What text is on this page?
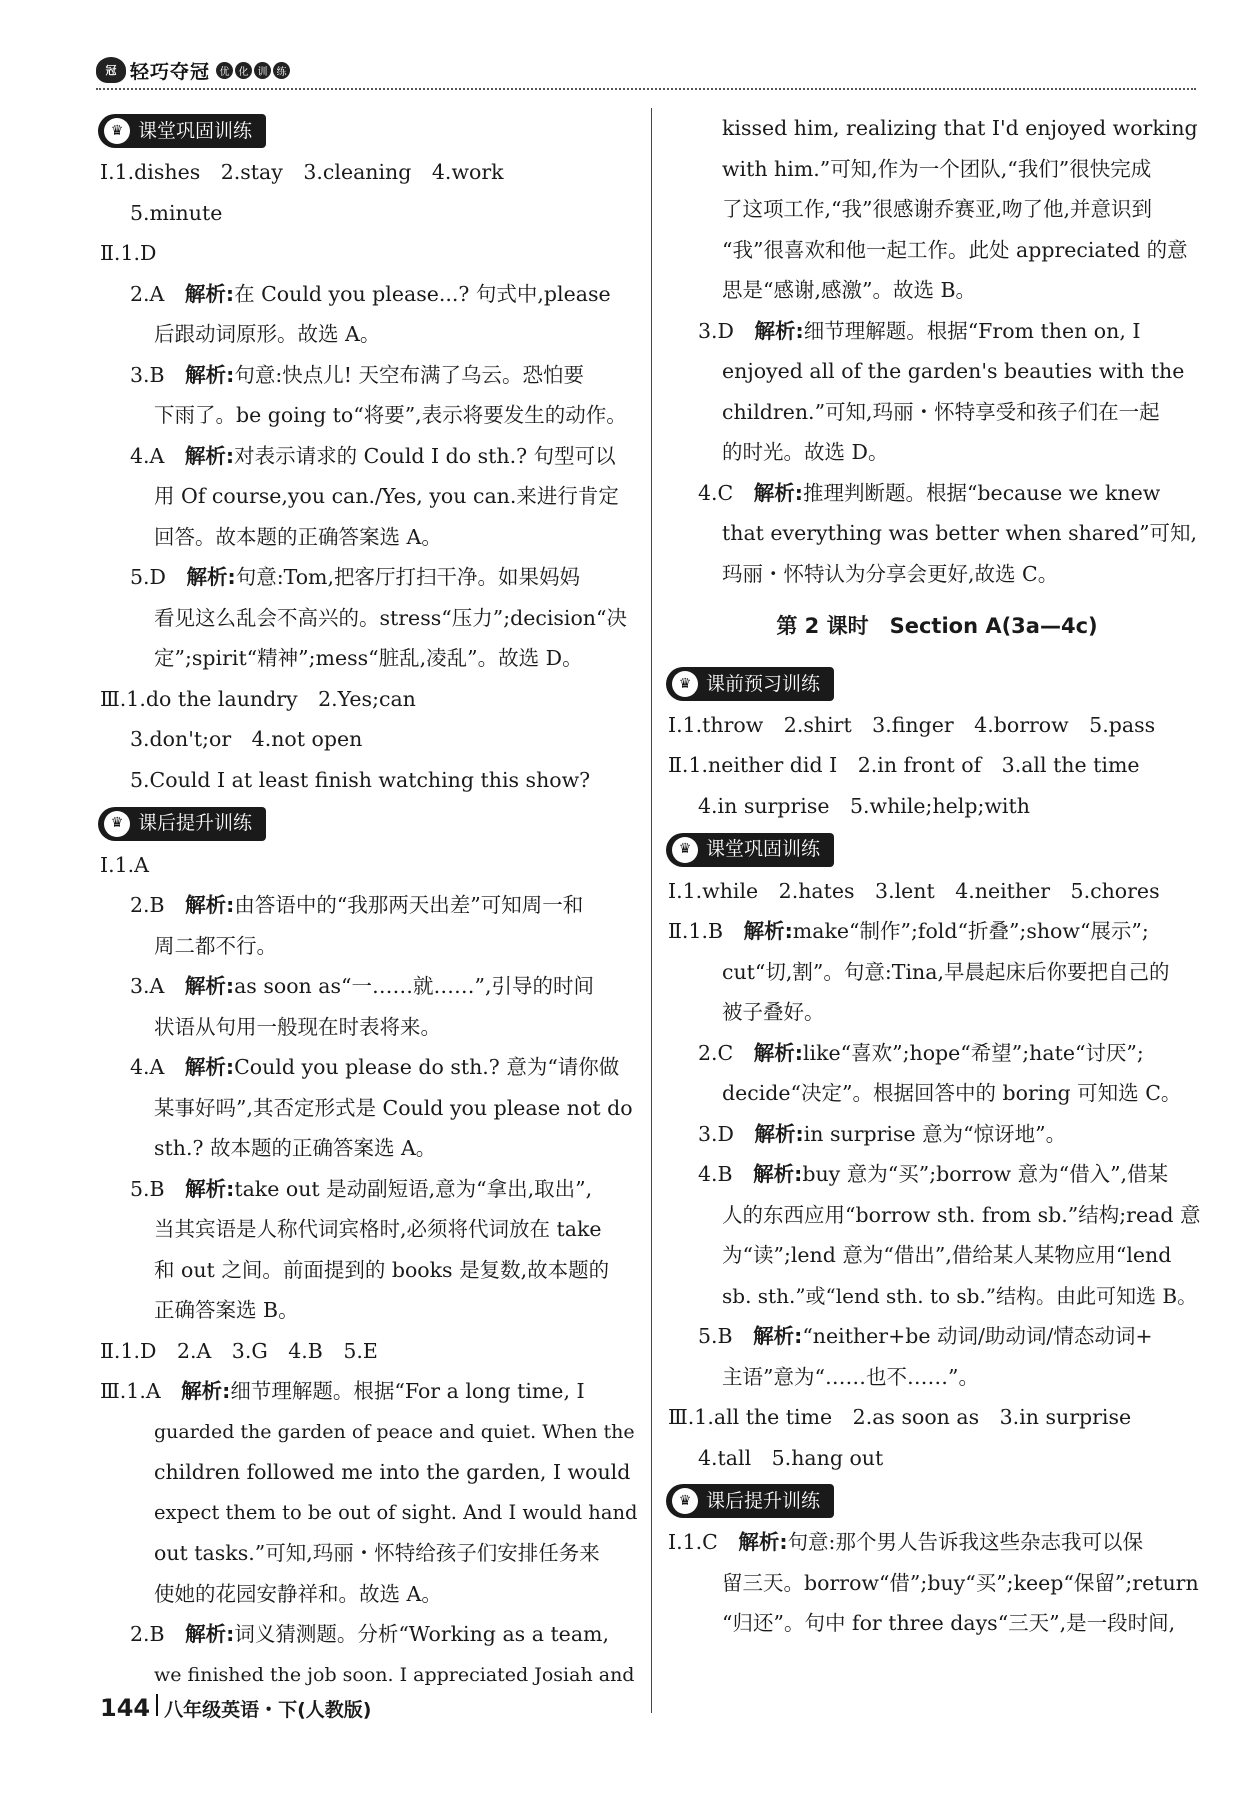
冠 轻巧夺冠 优 化 训 练
♛ 课堂巩固训练
Ⅰ.1.dishes　2.stay　3.cleaning　4.work
5.minute
Ⅱ.1.D
2.A　 解析:在 Could you please...? 句式中,please
后跟动词原形。故选 A。
3.B　 解析:句意:快点儿! 天空布满了乌云。恐怕要
下雨了。be going to“将要”,表示将要发生的动作。
4.A　 解析:对表示请求的 Could I do sth.? 句型可以
用 Of course,you can./Yes, you can.来进行肯定
回答。故本题的正确答案选 A。
5.D　 解析:句意:Tom,把客厅打扫干净。如果妈妈
看见这么乱会不高兴的。stress“压力”;decision“决
定”;spirit“精神”;mess“脏乱,凌乱”。故选 D。
Ⅲ.1.do the laundry　2.Yes;can
3.don't;or　4.not open
5.Could I at least finish watching this show?
♛ 课后提升训练
Ⅰ.1.A
2.B　 解析:由答语中的“我那两天出差”可知周一和
周二都不行。
3.A　 解析:as soon as“一……就……”,引导的时间
状语从句用一般现在时表将来。
4.A　 解析:Could you please do sth.? 意为“请你做
某事好吗”,其否定形式是 Could you please not do
sth.? 故本题的正确答案选 A。
5.B　 解析:take out 是动副短语,意为“拿出,取出”,
当其宾语是人称代词宾格时,必须将代词放在 take
和 out 之间。前面提到的 books 是复数,故本题的
正确答案选 B。
Ⅱ.1.D　2.A　3.G　4.B　5.E
Ⅲ.1.A　 解析:细节理解题。根据“For a long time, I
guarded the garden of peace and quiet. When the
children followed me into the garden, I would
expect them to be out of sight. And I would hand
out tasks.”可知,玛丽・怀特给孩子们安排任务来
使她的花园安静祥和。故选 A。
2.B　 解析:词义猜测题。分析“Working as a team,
we finished the job soon. I appreciated Josiah and
kissed him, realizing that I'd enjoyed working
with him.”可知,作为一个团队,“我们”很快完成
了这项工作,“我”很感谢乔赛亚,吻了他,并意识到
“我”很喜欢和他一起工作。此处 appreciated 的意
思是“感谢,感激”。故选 B。
3.D　 解析:细节理解题。根据“From then on, I
enjoyed all of the garden's beauties with the
children.”可知,玛丽・怀特享受和孩子们在一起
的时光。故选 D。
4.C　 解析:推理判断题。根据“because we knew
that everything was better when shared”可知,
玛丽・怀特认为分享会更好,故选 C。
第 2 课时　Section A(3a—4c)
♛ 课前预习训练
Ⅰ.1.throw　2.shirt　3.finger　4.borrow　5.pass
Ⅱ.1.neither did I　2.in front of　3.all the time
4.in surprise　5.while;help;with
♛ 课堂巩固训练
Ⅰ.1.while　2.hates　3.lent　4.neither　5.chores
Ⅱ.1.B　 解析:make“制作”;fold“折叠”;show“展示”;
cut“切,割”。句意:Tina,早晨起床后你要把自己的
被子叠好。
2.C　 解析:like“喜欢”;hope“希望”;hate“讨厌”;
decide“决定”。根据回答中的 boring 可知选 C。
3.D　 解析:in surprise 意为“惊讶地”。
4.B　 解析:buy 意为“买”;borrow 意为“借入”,借某
人的东西应用“borrow sth. from sb.”结构;read 意
为“读”;lend 意为“借出”,借给某人某物应用“lend
sb. sth.”或“lend sth. to sb.”结构。由此可知选 B。
5.B　 解析:“neither+be 动词/助动词/情态动词+
主语”意为“……也不……”。
Ⅲ.1.all the time　2.as soon as　3.in surprise
4.tall　5.hang out
♛ 课后提升训练
Ⅰ.1.C　 解析:句意:那个男人告诉我这些杂志我可以保
留三天。borrow“借”;buy“买”;keep“保留”;return
“归还”。句中 for three days“三天”,是一段时间,
144 八年级英语・下(人教版)
